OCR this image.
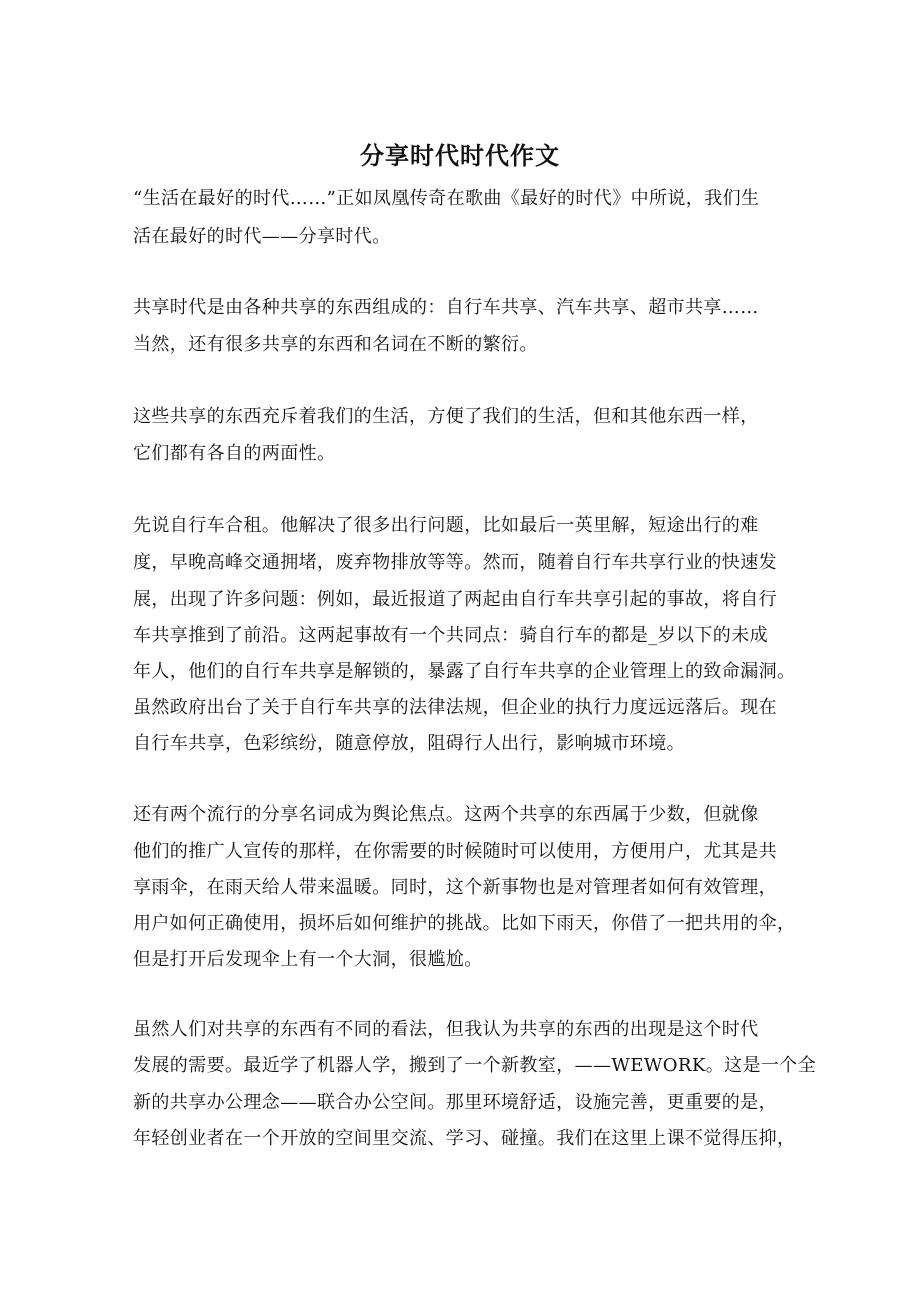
分享时代时代作文
“生活在最好的时代……”正如凤凰传奇在歌曲《最好的时代》中所说，我们生
活在最好的时代——分享时代。
共享时代是由各种共享的东西组成的：自行车共享、汽车共享、超市共享……
当然，还有很多共享的东西和名词在不断的繁衍。
这些共享的东西充斥着我们的生活，方便了我们的生活，但和其他东西一样，
它们都有各自的两面性。
先说自行车合租。他解决了很多出行问题，比如最后一英里解，短途出行的难
度，早晚高峰交通拥堵，废弃物排放等等。然而，随着自行车共享行业的快速发
展，出现了许多问题：例如，最近报道了两起由自行车共享引起的事故，将自行
车共享推到了前沿。这两起事故有一个共同点：骑自行车的都是_岁以下的未成
年人，他们的自行车共享是解锁的，暴露了自行车共享的企业管理上的致命漏洞。
虽然政府出台了关于自行车共享的法律法规，但企业的执行力度远远落后。现在
自行车共享，色彩缤纷，随意停放，阻碍行人出行，影响城市环境。
还有两个流行的分享名词成为舆论焦点。这两个共享的东西属于少数，但就像
他们的推广人宣传的那样，在你需要的时候随时可以使用，方便用户，尤其是共
享雨伞，在雨天给人带来温暖。同时，这个新事物也是对管理者如何有效管理，
用户如何正确使用，损坏后如何维护的挑战。比如下雨天，你借了一把共用的伞，
但是打开后发现伞上有一个大洞，很尴尬。
虽然人们对共享的东西有不同的看法，但我认为共享的东西的出现是这个时代
发展的需要。最近学了机器人学，搬到了一个新教室，——WEWORK。这是一个全
新的共享办公理念——联合办公空间。那里环境舒适，设施完善，更重要的是，
年轻创业者在一个开放的空间里交流、学习、碰撞。我们在这里上课不觉得压抑，
